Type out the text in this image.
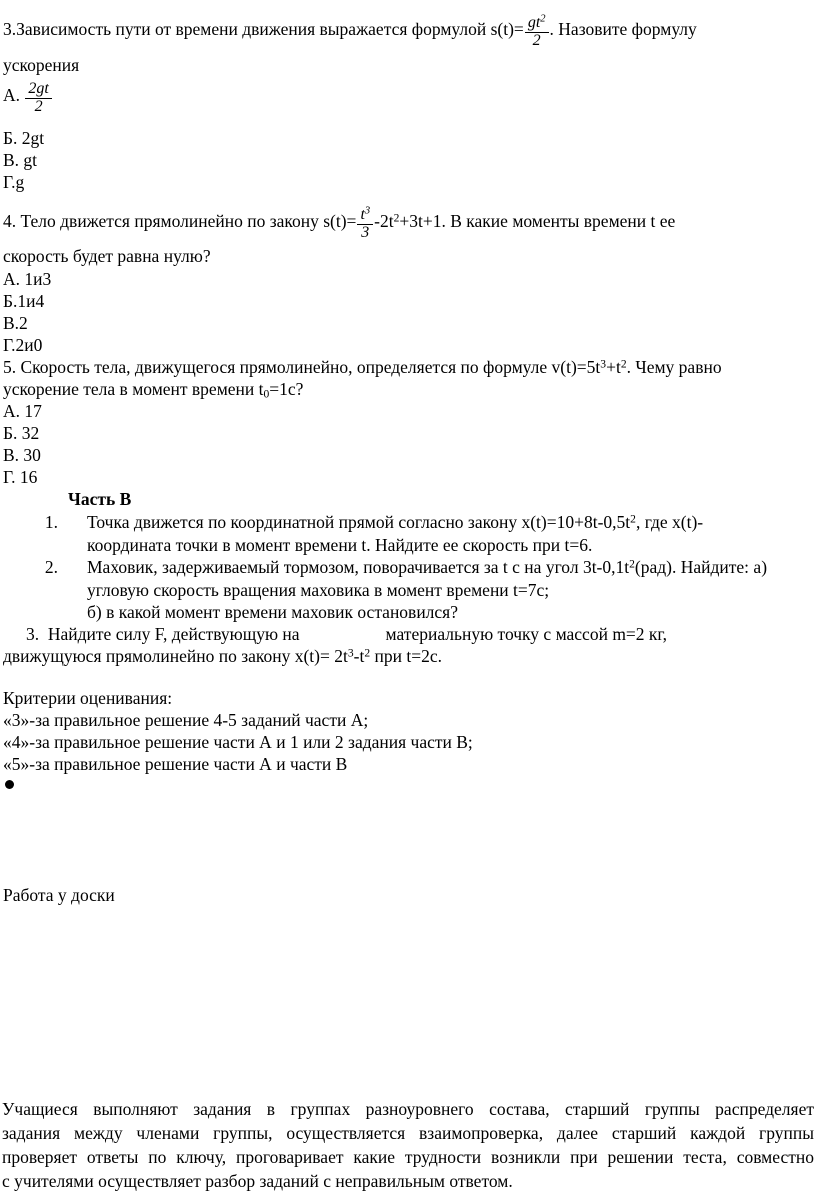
3.Зависимость пути от времени движения выражается формулой $s(t)= \frac{gt^2}{2}$ . Назовите формулу
ускорения
А. $\frac{2gt}{2}$
Б. 2gt
В. gt
Г.g
4. Тело движется прямолинейно по закону $s(t)= \frac{t^3}{3} -2t^2+3t+1$. В какие моменты времени t ее
скорость будет равна нулю?
А. 1и3
Б.1и4
В.2
Г.2и0
5. Скорость тела, движущегося прямолинейно, определяется по формуле $v(t)=5t^3+t^2$. Чему равно
ускорение тела в момент времени $t_0=1с$?
А. 17
Б. 32
В. 30
Г. 16
Часть В
1. Точка движется по координатной прямой согласно закону $x(t)=10+8t-0,5t^2$, где x(t)-
координата точки в момент времени t. Найдите ее скорость при t=6.
2. Маховик, задерживаемый тормозом, поворачивается за t с на угол $3t-0,1t^2(рад)$. Найдите: а)
угловую скорость вращения маховика в момент времени t=7с;
б) в какой момент времени маховик остановился?
3. Найдите силу F, действующую на	материальную точку с массой m=2 кг,
движущуюся прямолинейно по закону $x(t)= 2t^3-t^2$ при t=2с.
Критерии оценивания:
«3»-за правильное решение 4-5 заданий части А;
«4»-за правильное решение части А и 1 или 2 задания части В;
«5»-за правильное решение части А и части В
Работа у доски
Учащиеся выполняют задания в группах разноуровнего состава, старший группы распределяет
задания между членами группы, осуществляется взаимопроверка, далее старший каждой группы
проверяет ответы по ключу, проговаривает какие трудности возникли при решении теста, совместно
с учителями осуществляет разбор заданий с неправильным ответом.
